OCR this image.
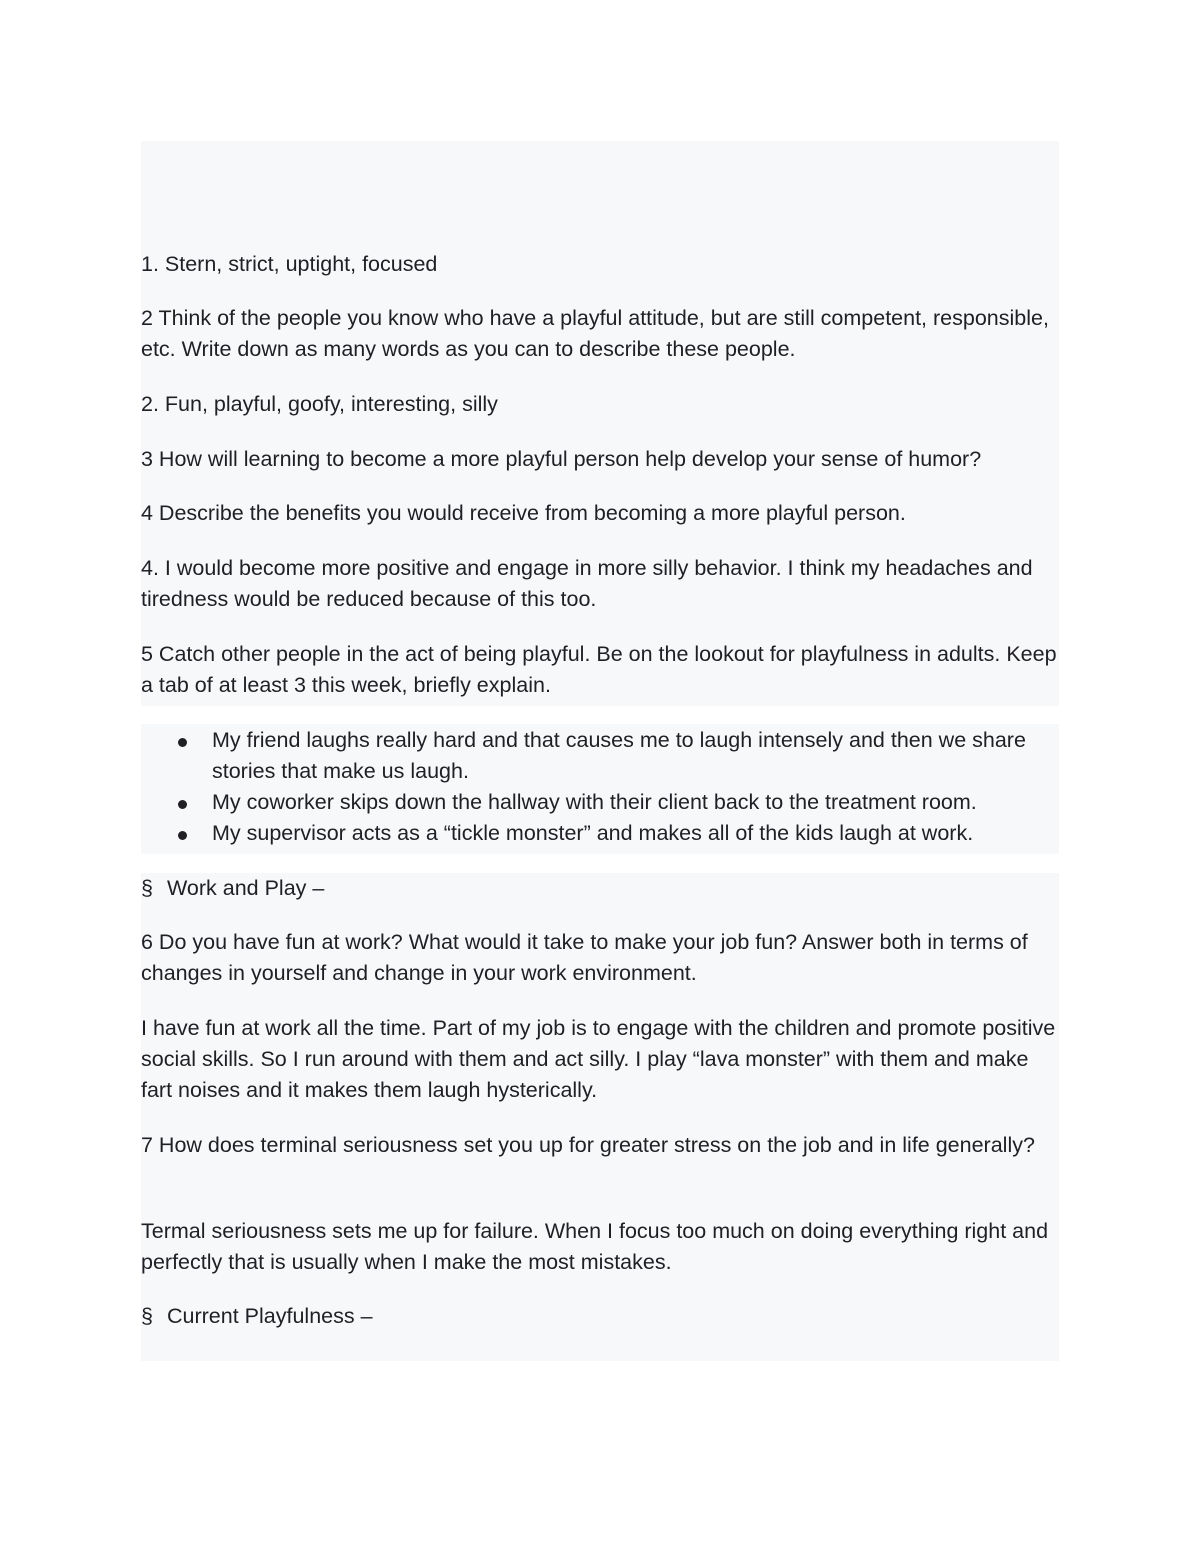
1. Stern, strict, uptight, focused

2 Think of the people you know who have a playful attitude, but are still competent, responsible, etc. Write down as many words as you can to describe these people.

2. Fun, playful, goofy, interesting, silly

3 How will learning to become a more playful person help develop your sense of humor?

4 Describe the benefits you would receive from becoming a more playful person.

4. I would become more positive and engage in more silly behavior. I think my headaches and tiredness would be reduced because of this too.

5 Catch other people in the act of being playful. Be on the lookout for playfulness in adults. Keep a tab of at least 3 this week, briefly explain.

My friend laughs really hard and that causes me to laugh intensely and then we share stories that make us laugh.
My coworker skips down the hallway with their client back to the treatment room.
My supervisor acts as a “tickle monster” and makes all of the kids laugh at work.

§ Work and Play –

6 Do you have fun at work? What would it take to make your job fun? Answer both in terms of changes in yourself and change in your work environment.

I have fun at work all the time. Part of my job is to engage with the children and promote positive social skills. So I run around with them and act silly. I play “lava monster” with them and make fart noises and it makes them laugh hysterically.

7 How does terminal seriousness set you up for greater stress on the job and in life generally?

Termal seriousness sets me up for failure. When I focus too much on doing everything right and perfectly that is usually when I make the most mistakes.

§ Current Playfulness –
